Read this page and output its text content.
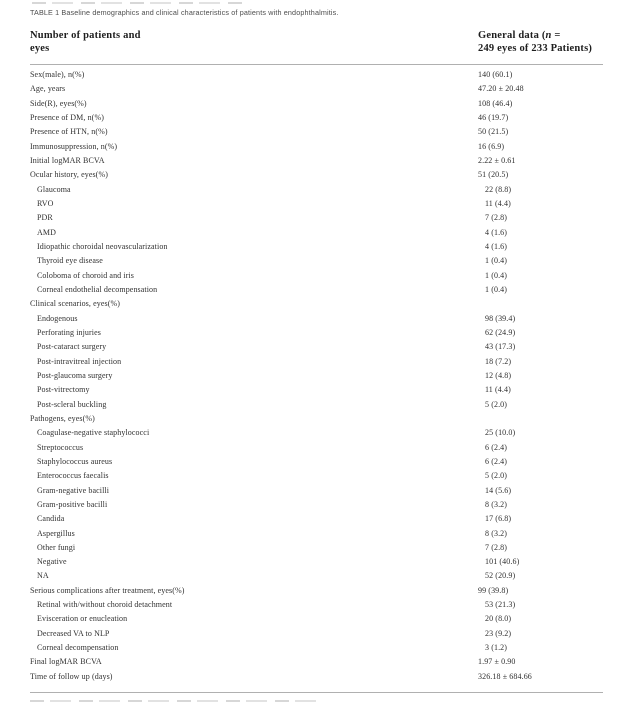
TABLE 1 Baseline demographics and clinical characteristics of patients with endophthalmitis.
Number of patients and
eyes
General data (n =
249 eyes of 233 Patients)
Sex(male), n(%)	140 (60.1)
Age, years	47.20 ± 20.48
Side(R), eyes(%)	108 (46.4)
Presence of DM, n(%)	46 (19.7)
Presence of HTN, n(%)	50 (21.5)
Immunosuppression, n(%)	16 (6.9)
Initial logMAR BCVA	2.22 ± 0.61
Ocular history, eyes(%)	51 (20.5)
Glaucoma	22 (8.8)
RVO	11 (4.4)
PDR	7 (2.8)
AMD	4 (1.6)
Idiopathic choroidal neovascularization	4 (1.6)
Thyroid eye disease	1 (0.4)
Coloboma of choroid and iris	1 (0.4)
Corneal endothelial decompensation	1 (0.4)
Clinical scenarios, eyes(%)
Endogenous	98 (39.4)
Perforating injuries	62 (24.9)
Post-cataract surgery	43 (17.3)
Post-intravitreal injection	18 (7.2)
Post-glaucoma surgery	12 (4.8)
Post-vitrectomy	11 (4.4)
Post-scleral buckling	5 (2.0)
Pathogens, eyes(%)
Coagulase-negative staphylococci	25 (10.0)
Streptococcus	6 (2.4)
Staphylococcus aureus	6 (2.4)
Enterococcus faecalis	5 (2.0)
Gram-negative bacilli	14 (5.6)
Gram-positive bacilli	8 (3.2)
Candida	17 (6.8)
Aspergillus	8 (3.2)
Other fungi	7 (2.8)
Negative	101 (40.6)
NA	52 (20.9)
Serious complications after treatment, eyes(%)	99 (39.8)
Retinal with/without choroid detachment	53 (21.3)
Evisceration or enucleation	20 (8.0)
Decreased VA to NLP	23 (9.2)
Corneal decompensation	3 (1.2)
Final logMAR BCVA	1.97 ± 0.90
Time of follow up (days)	326.18 ± 684.66
